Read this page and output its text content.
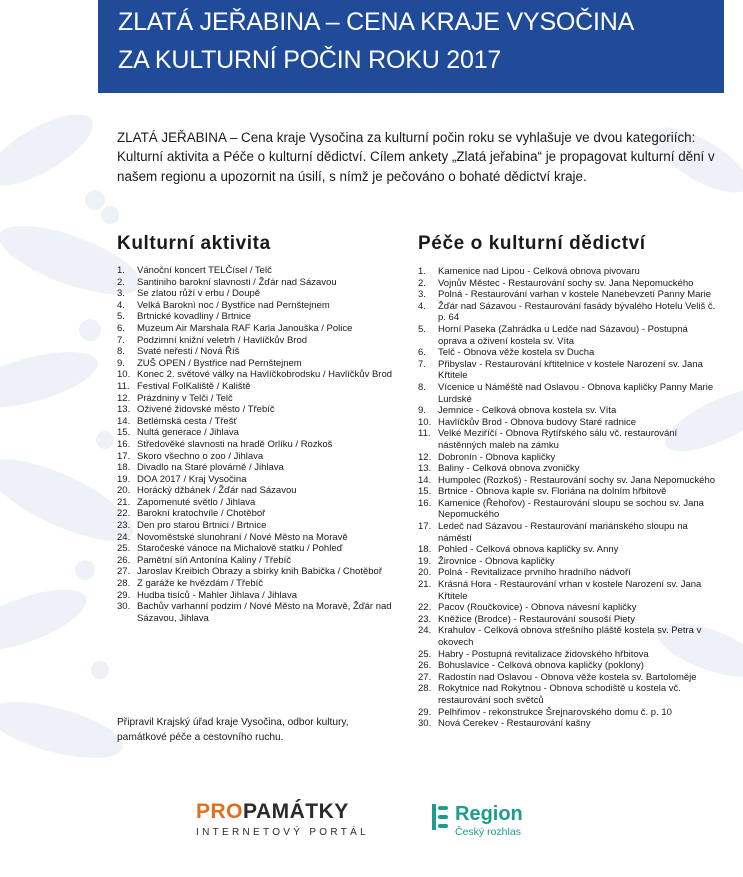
ZLATÁ JEŘABINA – CENA KRAJE VYSOČINA
ZA KULTURNÍ POČIN ROKU 2017
ZLATÁ JEŘABINA – Cena kraje Vysočina za kulturní počin roku se vyhlašuje ve dvou kategoriích: Kulturní aktivita a Péče o kulturní dědictví. Cílem ankety „Zlatá jeřabina“ je propagovat kulturní dění v našem regionu a upozornit na úsilí, s nímž je pečováno o bohaté dědictví kraje.
Kulturní aktivita	Péče o kulturní dědictví
1. Vánoční koncert TELČísel / Telč
2. Santiniho barokní slavnosti / Žďár nad Sázavou
3. Se zlatou růží v erbu / Doupě
4. Velká Baroknì noc / Bystřice nad Pernštejnem
5. Brtnické kovadliny / Brtnice
6. Muzeum Air Marshala RAF Karla Janouška / Police
7. Podzimní knižní veletrh / Havlíčkův Brod
8. Svaté neřesti / Nová Říš
9. ZUŠ OPEN / Bystřice nad Pernštejnem
10. Konec 2. světové války na Havlíčkobrodsku / Havlíčkův Brod
11. Festival FolKaliště / Kaliště
12. Prázdniny v Telči / Telč
13. Oživené židovské město / Třebíč
14. Betlémská cesta / Třešť
15. Nultá generace / Jihlava
16. Středověké slavnosti na hradě Orlíku / Rozkoš
17. Skoro všechno o zoo / Jihlava
18. Divadlo na Staré plovárně / Jihlava
19. DOA 2017 / Kraj Vysočina
20. Horácký džbánek / Žďár nad Sázavou
21. Zapomenuté světlo / Jihlava
22. Barokní kratochvíle / Chotěboř
23. Den pro starou Brtnici / Brtnice
24. Novoměstské slunohraní / Nové Město na Moravě
25. Staročeské vánoce na Michalově statku / Pohleď
26. Pamětní síň Antonína Kaliny / Třebíč
27. Jaroslav Kreibich Obrazy a sbírky knih Babička / Chotěboř
28. Z garáže ke hvězdám / Třebíč
29. Hudba tisíců - Mahler Jihlava / Jihlava
30. Bachův varhanní podzim / Nové Město na Moravě, Žďár nad Sázavou, Jihlava
1. Kamenice nad Lipou - Celková obnova pivovaru
2. Vojnův Městec - Restaurování sochy sv. Jana Nepomuckého
3. Polná - Restaurování varhan v kostele Nanebevzetí Panny Marie
4. Žďár nad Sázavou - Restaurování fasády bývalého Hotelu Veliš č. p. 64
5. Horní Paseka (Zahrádka u Ledče nad Sázavou) - Postupná oprava a oživení kostela sv. Víta
6. Telč - Obnova věže kostela sv Ducha
7. Přibyslav - Restaurování křtitelnice v kostele Narození sv. Jana Křtitele
8. Vícenice u Náměště nad Oslavou - Obnova kapličky Panny Marie Lurdské
9. Jemnice - Celková obnova kostela sv. Víta
10. Havlíčkův Brod - Obnova budovy Staré radnice
11. Velké Meziříčí - Obnova Rytířského sálu vč. restaurování nástěnných maleb na zámku
12. Dobronín - Obnova kapličky
13. Baliny - Celková obnova zvoničky
14. Humpolec (Rozkoš) - Restaurování sochy sv. Jana Nepomuckého
15. Brtnice - Obnova kaple sv. Floriána na dolním hřbitově
16. Kamenice (Řehořov) - Restaurování sloupu se sochou sv. Jana Nepomuckého
17. Ledeč nad Sázavou - Restaurování mariánského sloupu na náměstí
18. Pohled - Celková obnova kapličky sv. Anny
19. Žirovnice - Obnova kapličky
20. Polná - Revitalizace prvního hradního nádvoří
21. Krásná Hora - Restaurování vrhan v kostele Narození sv. Jana Křtitele
22. Pacov (Roučkovice) - Obnova návesní kapličky
23. Kněžice (Brodce) - Restaurování sousoší Piety
24. Krahulov - Celková obnova střešního pláště kostela sv. Petra v okovech
25. Habry - Postupná revitalizace židovského hřbitova
26. Bohuslavice - Celková obnova kapličky (poklony)
27. Radostín nad Oslavou - Obnova věže kostela sv. Bartoloměje
28. Rokytnice nad Rokytnou - Obnova schodiště u kostela vč. restaurování soch světců
29. Pelhřimov - rekonstrukce Šrejnarovského domu č. p. 10
30. Nová Cerekev - Restaurování kašny
Připravil Krajský úřad kraje Vysočina, odbor kultury, památkové péče a cestovního ruchu.
PROPAMÁTKY
INTERNETOVÝ PORTÁL
Region
Český rozhlas
